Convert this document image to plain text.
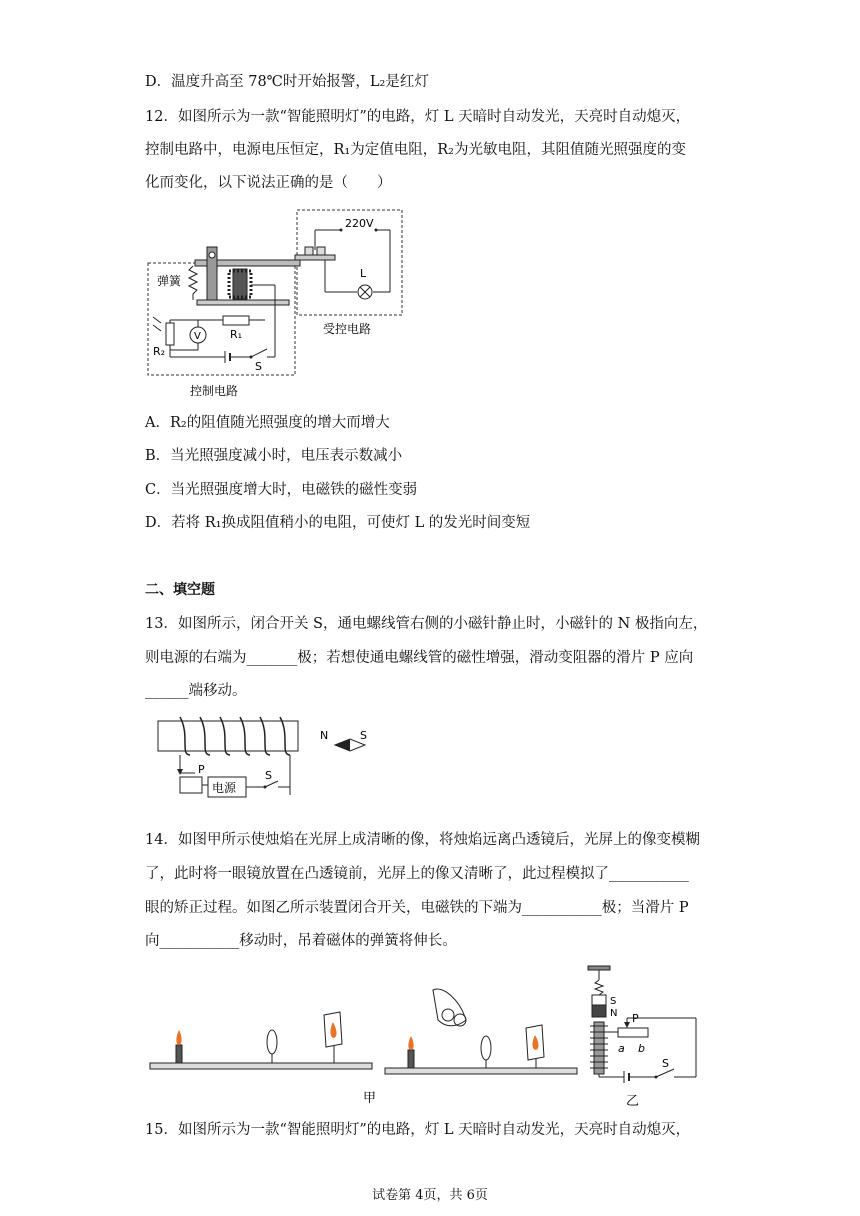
D．温度升高至 78℃时开始报警，L₂是红灯
12．如图所示为一款“智能照明灯”的电路，灯 L 天暗时自动发光，天亮时自动熄灭，
控制电路中，电源电压恒定，R₁为定值电阻，R₂为光敏电阻，其阻值随光照强度的变
化而变化，以下说法正确的是（　　）
220V
L
弹簧
R₁
R₂
V
S
受控电路
控制电路
A．R₂的阻值随光照强度的增大而增大
B．当光照强度减小时，电压表示数减小
C．当光照强度增大时，电磁铁的磁性变弱
D．若将 R₁换成阻值稍小的电阻，可使灯 L 的发光时间变短
二、填空题
13．如图所示，闭合开关 S，通电螺线管右侧的小磁针静止时，小磁针的 N 极指向左，
则电源的右端为_______极；若想使通电螺线管的磁性增强，滑动变阻器的滑片 P 应向
______端移动。
N	S
P
电源
S
14．如图甲所示使烛焰在光屏上成清晰的像，将烛焰远离凸透镜后，光屏上的像变模糊
了，此时将一眼镜放置在凸透镜前，光屏上的像又清晰了，此过程模拟了___________
眼的矫正过程。如图乙所示装置闭合开关，电磁铁的下端为___________极；当滑片 P
向___________移动时，吊着磁体的弹簧将伸长。
甲
S
N P
a b
S
乙
15．如图所示为一款“智能照明灯”的电路，灯 L 天暗时自动发光，天亮时自动熄灭，
试卷第 4页，共 6页
